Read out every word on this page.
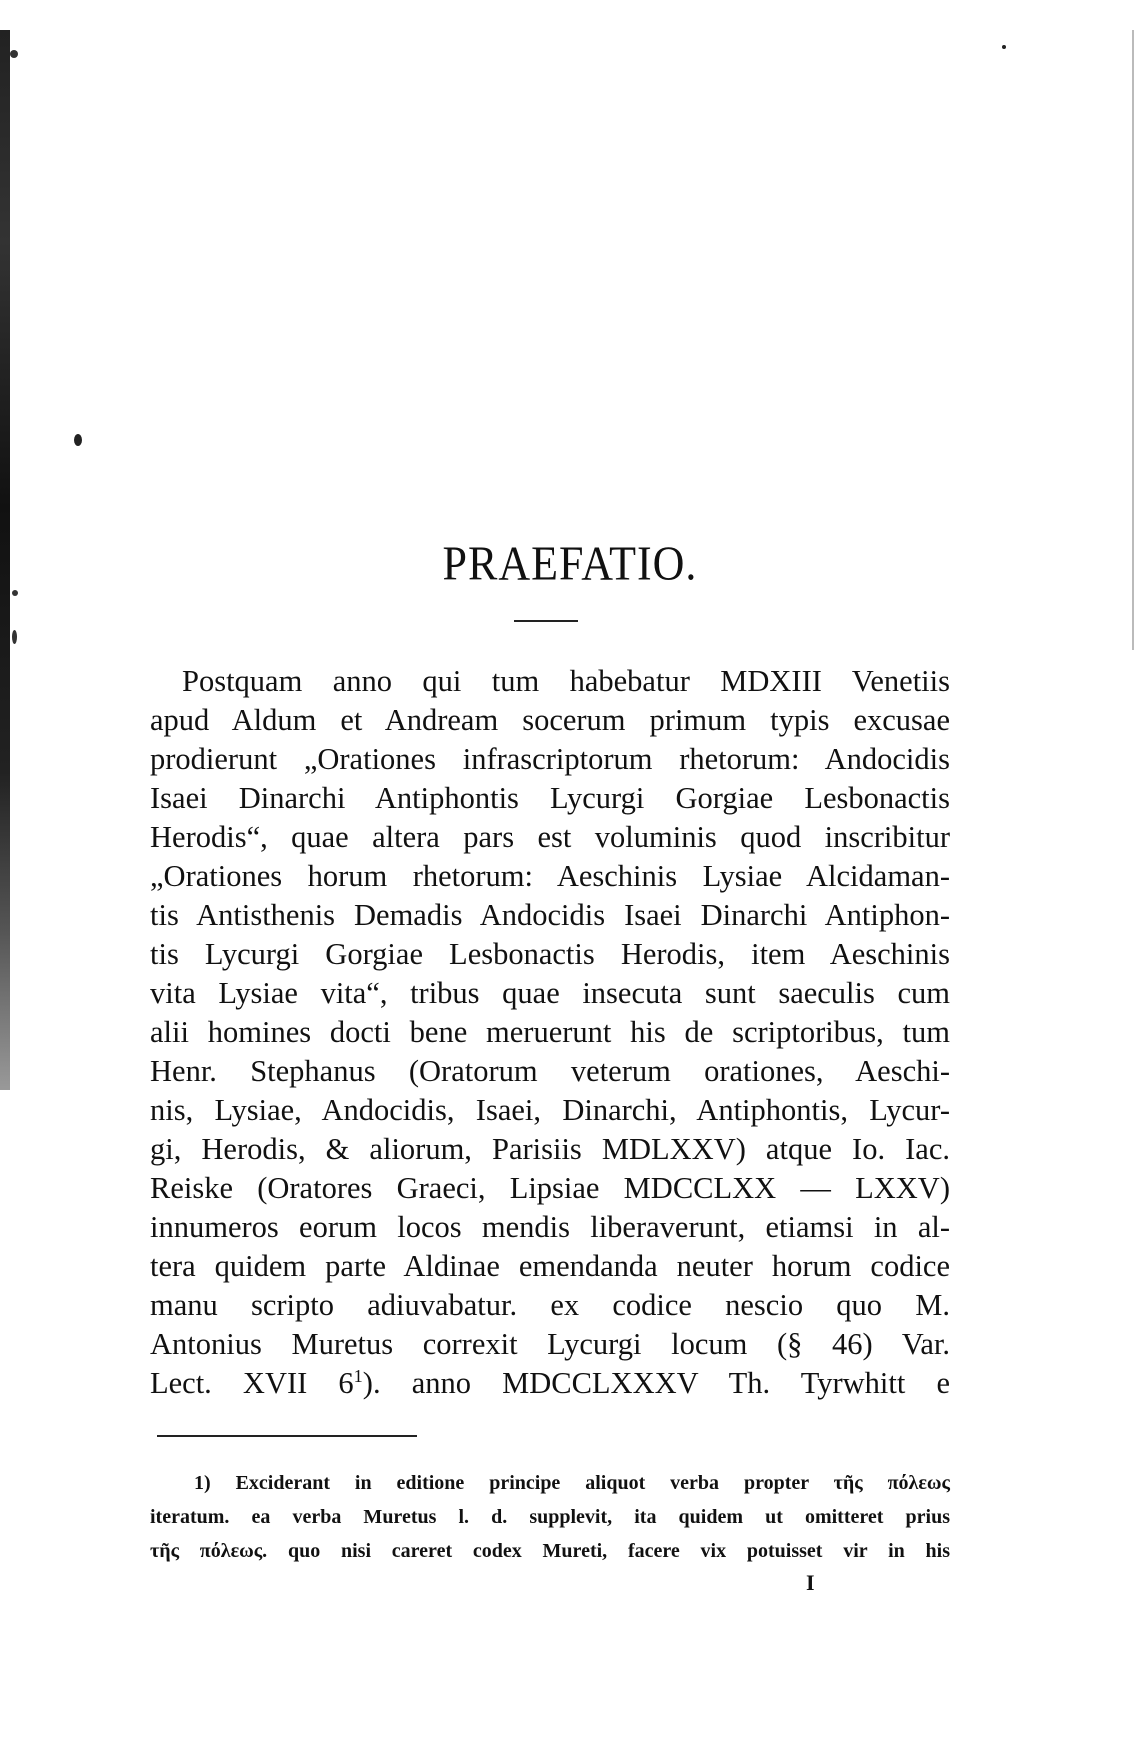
PRAEFATIO.
Postquam anno qui tum habebatur MDXIII Venetiis
apud Aldum et Andream socerum primum typis excusae
prodierunt „Orationes infrascriptorum rhetorum: Andocidis
Isaei Dinarchi Antiphontis Lycurgi Gorgiae Lesbonactis
Herodis“, quae altera pars est voluminis quod inscribitur
„Orationes horum rhetorum: Aeschinis Lysiae Alcidaman-
tis Antisthenis Demadis Andocidis Isaei Dinarchi Antiphon-
tis Lycurgi Gorgiae Lesbonactis Herodis, item Aeschinis
vita Lysiae vita“, tribus quae insecuta sunt saeculis cum
alii homines docti bene meruerunt his de scriptoribus, tum
Henr. Stephanus (Oratorum veterum orationes, Aeschi-
nis, Lysiae, Andocidis, Isaei, Dinarchi, Antiphontis, Lycur-
gi, Herodis, & aliorum, Parisiis MDLXXV) atque Io. Iac.
Reiske (Oratores Graeci, Lipsiae MDCCLXX — LXXV)
innumeros eorum locos mendis liberaverunt, etiamsi in al-
tera quidem parte Aldinae emendanda neuter horum codice
manu scripto adiuvabatur. ex codice nescio quo M.
Antonius Muretus correxit Lycurgi locum (§ 46) Var.
Lect. XVII $6^1$). anno MDCCLXXXV Th. Tyrwhitt e
1) Exciderant in editione principe aliquot verba propter τῆς πόλεως
iteratum. ea verba Muretus l. d. supplevit, ita quidem ut omitteret prius
τῆς πόλεως. quo nisi careret codex Mureti, facere vix potuisset vir in his
I
